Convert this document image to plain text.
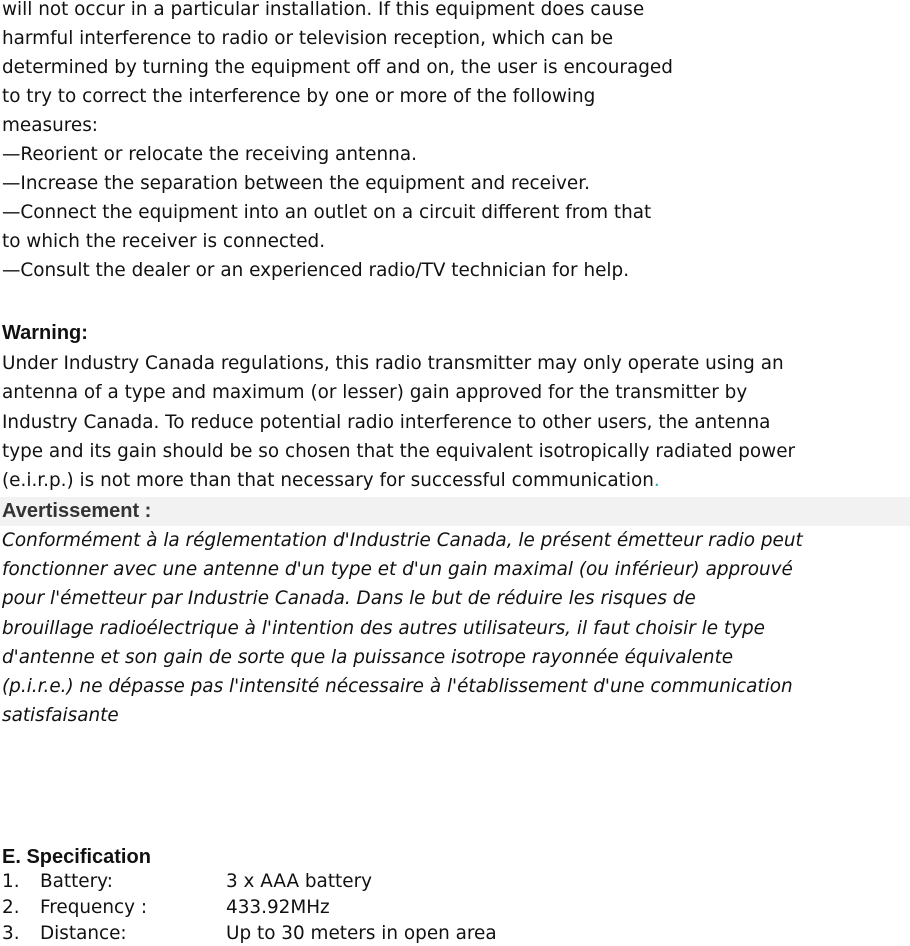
will not occur in a particular installation. If this equipment does cause
harmful interference to radio or television reception, which can be
determined by turning the equipment off and on, the user is encouraged
to try to correct the interference by one or more of the following
measures:
—Reorient or relocate the receiving antenna.
—Increase the separation between the equipment and receiver.
—Connect the equipment into an outlet on a circuit different from that
to which the receiver is connected.
—Consult the dealer or an experienced radio/TV technician for help.
Warning:
Under Industry Canada regulations, this radio transmitter may only operate using an
antenna of a type and maximum (or lesser) gain approved for the transmitter by
Industry Canada. To reduce potential radio interference to other users, the antenna
type and its gain should be so chosen that the equivalent isotropically radiated power
(e.i.r.p.) is not more than that necessary for successful communication.
Avertissement :
Conformément à la réglementation d'Industrie Canada, le présent émetteur radio peut
fonctionner avec une antenne d'un type et d'un gain maximal (ou inférieur) approuvé
pour l'émetteur par Industrie Canada. Dans le but de réduire les risques de
brouillage radioélectrique à l'intention des autres utilisateurs, il faut choisir le type
d'antenne et son gain de sorte que la puissance isotrope rayonnée équivalente
(p.i.r.e.) ne dépasse pas l'intensité nécessaire à l'établissement d'une communication
satisfaisante
E. Specification
1. Battery:	3 x AAA battery
2. Frequency :	433.92MHz
3. Distance:	Up to 30 meters in open area
